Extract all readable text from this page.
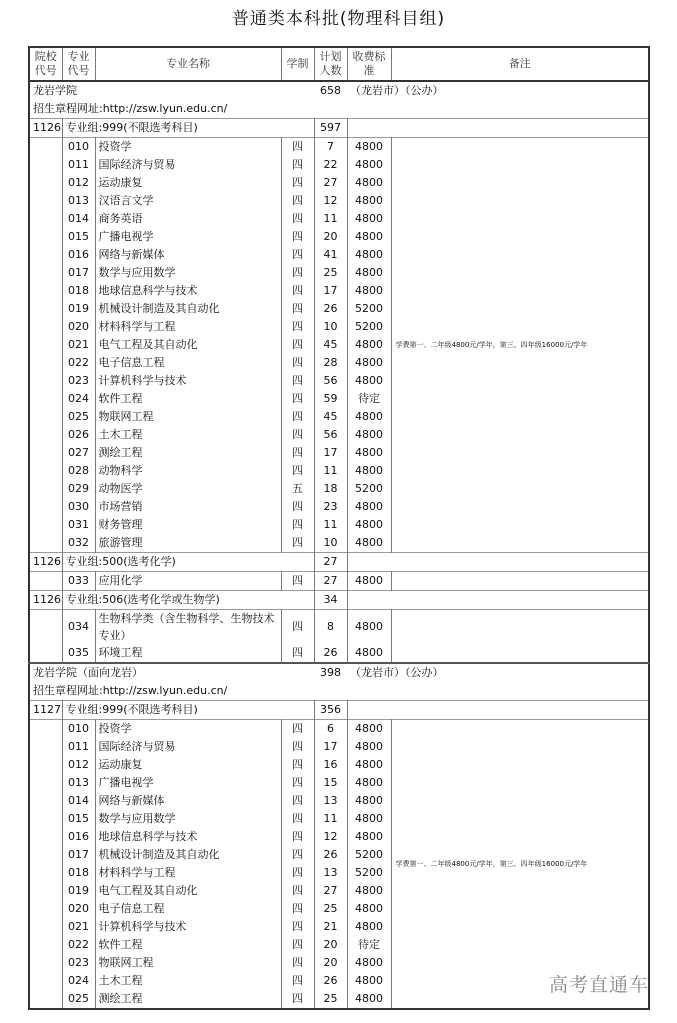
普通类本科批(物理科目组)
院校代号	专业代号	专业名称	学制	计划人数	收费标准	备注
龙岩学院				658	（龙岩市）（公办）	
招生章程网址:http://zsw.lyun.edu.cn/						
1126	专业组:999(不限选考科目)			597		
	010	投资学	四	7	4800	学费第一、二年级4800元/学年，第三、四年级16000元/学年
	011	国际经济与贸易	四	22	4800	
	012	运动康复	四	27	4800	
	013	汉语言文学	四	12	4800	
	014	商务英语	四	11	4800	
	015	广播电视学	四	20	4800	
	016	网络与新媒体	四	41	4800	
	017	数学与应用数学	四	25	4800	
	018	地球信息科学与技术	四	17	4800	
	019	机械设计制造及其自动化	四	26	5200	
	020	材料科学与工程	四	10	5200	
	021	电气工程及其自动化	四	45	4800	
	022	电子信息工程	四	28	4800	
	023	计算机科学与技术	四	56	4800	
	024	软件工程	四	59	待定	
	025	物联网工程	四	45	4800	
	026	土木工程	四	56	4800	
	027	测绘工程	四	17	4800	
	028	动物科学	四	11	4800	
	029	动物医学	五	18	5200	
	030	市场营销	四	23	4800	
	031	财务管理	四	11	4800	
	032	旅游管理	四	10	4800	
1126	专业组:500(选考化学)			27		
	033	应用化学	四	27	4800	
1126	专业组:506(选考化学或生物学)			34		
	034	生物科学类（含生物科学、生物技术专业）	四	8	4800	
	035	环境工程	四	26	4800	
龙岩学院（面向龙岩）				398	（龙岩市）（公办）	
招生章程网址:http://zsw.lyun.edu.cn/						
1127	专业组:999(不限选考科目)			356		
	010	投资学	四	6	4800	学费第一、二年级4800元/学年，第三、四年级16000元/学年
	011	国际经济与贸易	四	17	4800	
	012	运动康复	四	16	4800	
	013	广播电视学	四	15	4800	
	014	网络与新媒体	四	13	4800	
	015	数学与应用数学	四	11	4800	
	016	地球信息科学与技术	四	12	4800	
	017	机械设计制造及其自动化	四	26	5200	
	018	材料科学与工程	四	13	5200	
	019	电气工程及其自动化	四	27	4800	
	020	电子信息工程	四	25	4800	
	021	计算机科学与技术	四	21	4800	
	022	软件工程	四	20	待定	
	023	物联网工程	四	20	4800	
	024	土木工程	四	26	4800	
	025	测绘工程	四	25	4800	
高考直通车
